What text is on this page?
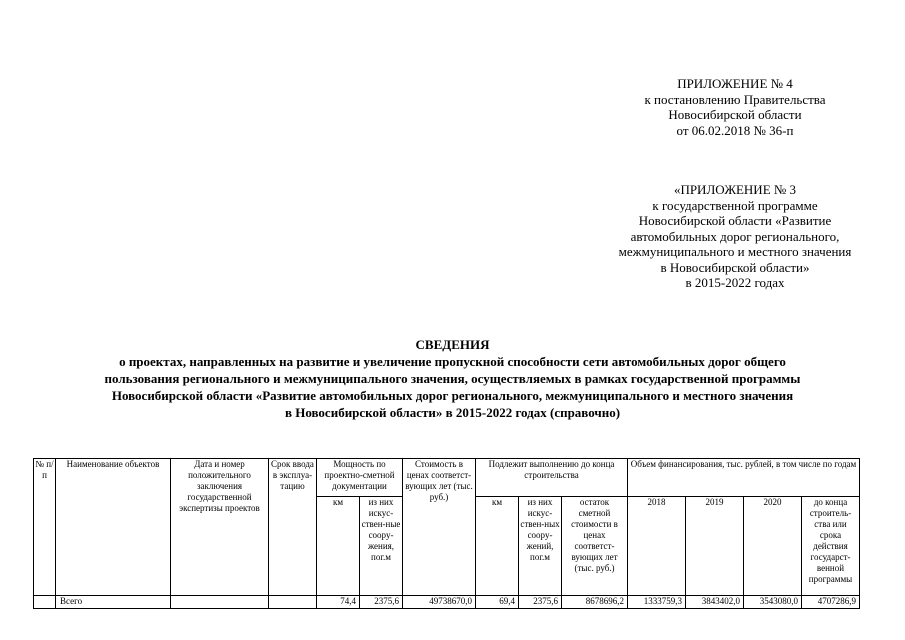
ПРИЛОЖЕНИЕ № 4
к постановлению Правительства
Новосибирской области
от 06.02.2018 № 36-п
«ПРИЛОЖЕНИЕ № 3
к государственной программе
Новосибирской области «Развитие
автомобильных дорог регионального,
межмуниципального и местного значения
в Новосибирской области»
в 2015-2022 годах
СВЕДЕНИЯ
о проектах, направленных на развитие и увеличение пропускной способности сети автомобильных дорог общего
пользования регионального и межмуниципального значения, осуществляемых в рамках государственной программы
Новосибирской области «Развитие автомобильных дорог регионального, межмуниципального и местного значения
в Новосибирской области» в 2015-2022 годах (справочно)
№ п/п	Наименование объектов	Дата и номер положительного заключения государственной экспертизы проектов	Срок ввода в эксплуа-тацию	Мощность по проектно-сметной документации		Стоимость в ценах соответст-вующих лет (тыс. руб.)	Подлежит выполнению до конца строительства			Объем финансирования, тыс. рублей, в том числе по годам			
				км	из них искус-ствен-ные соору-жения, пог.м		км	из них искус-ствен-ных соору-жений, пог.м	остаток сметной стоимости в ценах соответст-вующих лет (тыс. руб.)	2018	2019	2020	до конца строитель-ства или срока действия государст-венной программы
	Всего			74,4	2375,6	49738670,0	69,4	2375,6	8678696,2	1333759,3	3843402,0	3543080,0	4707286,9
